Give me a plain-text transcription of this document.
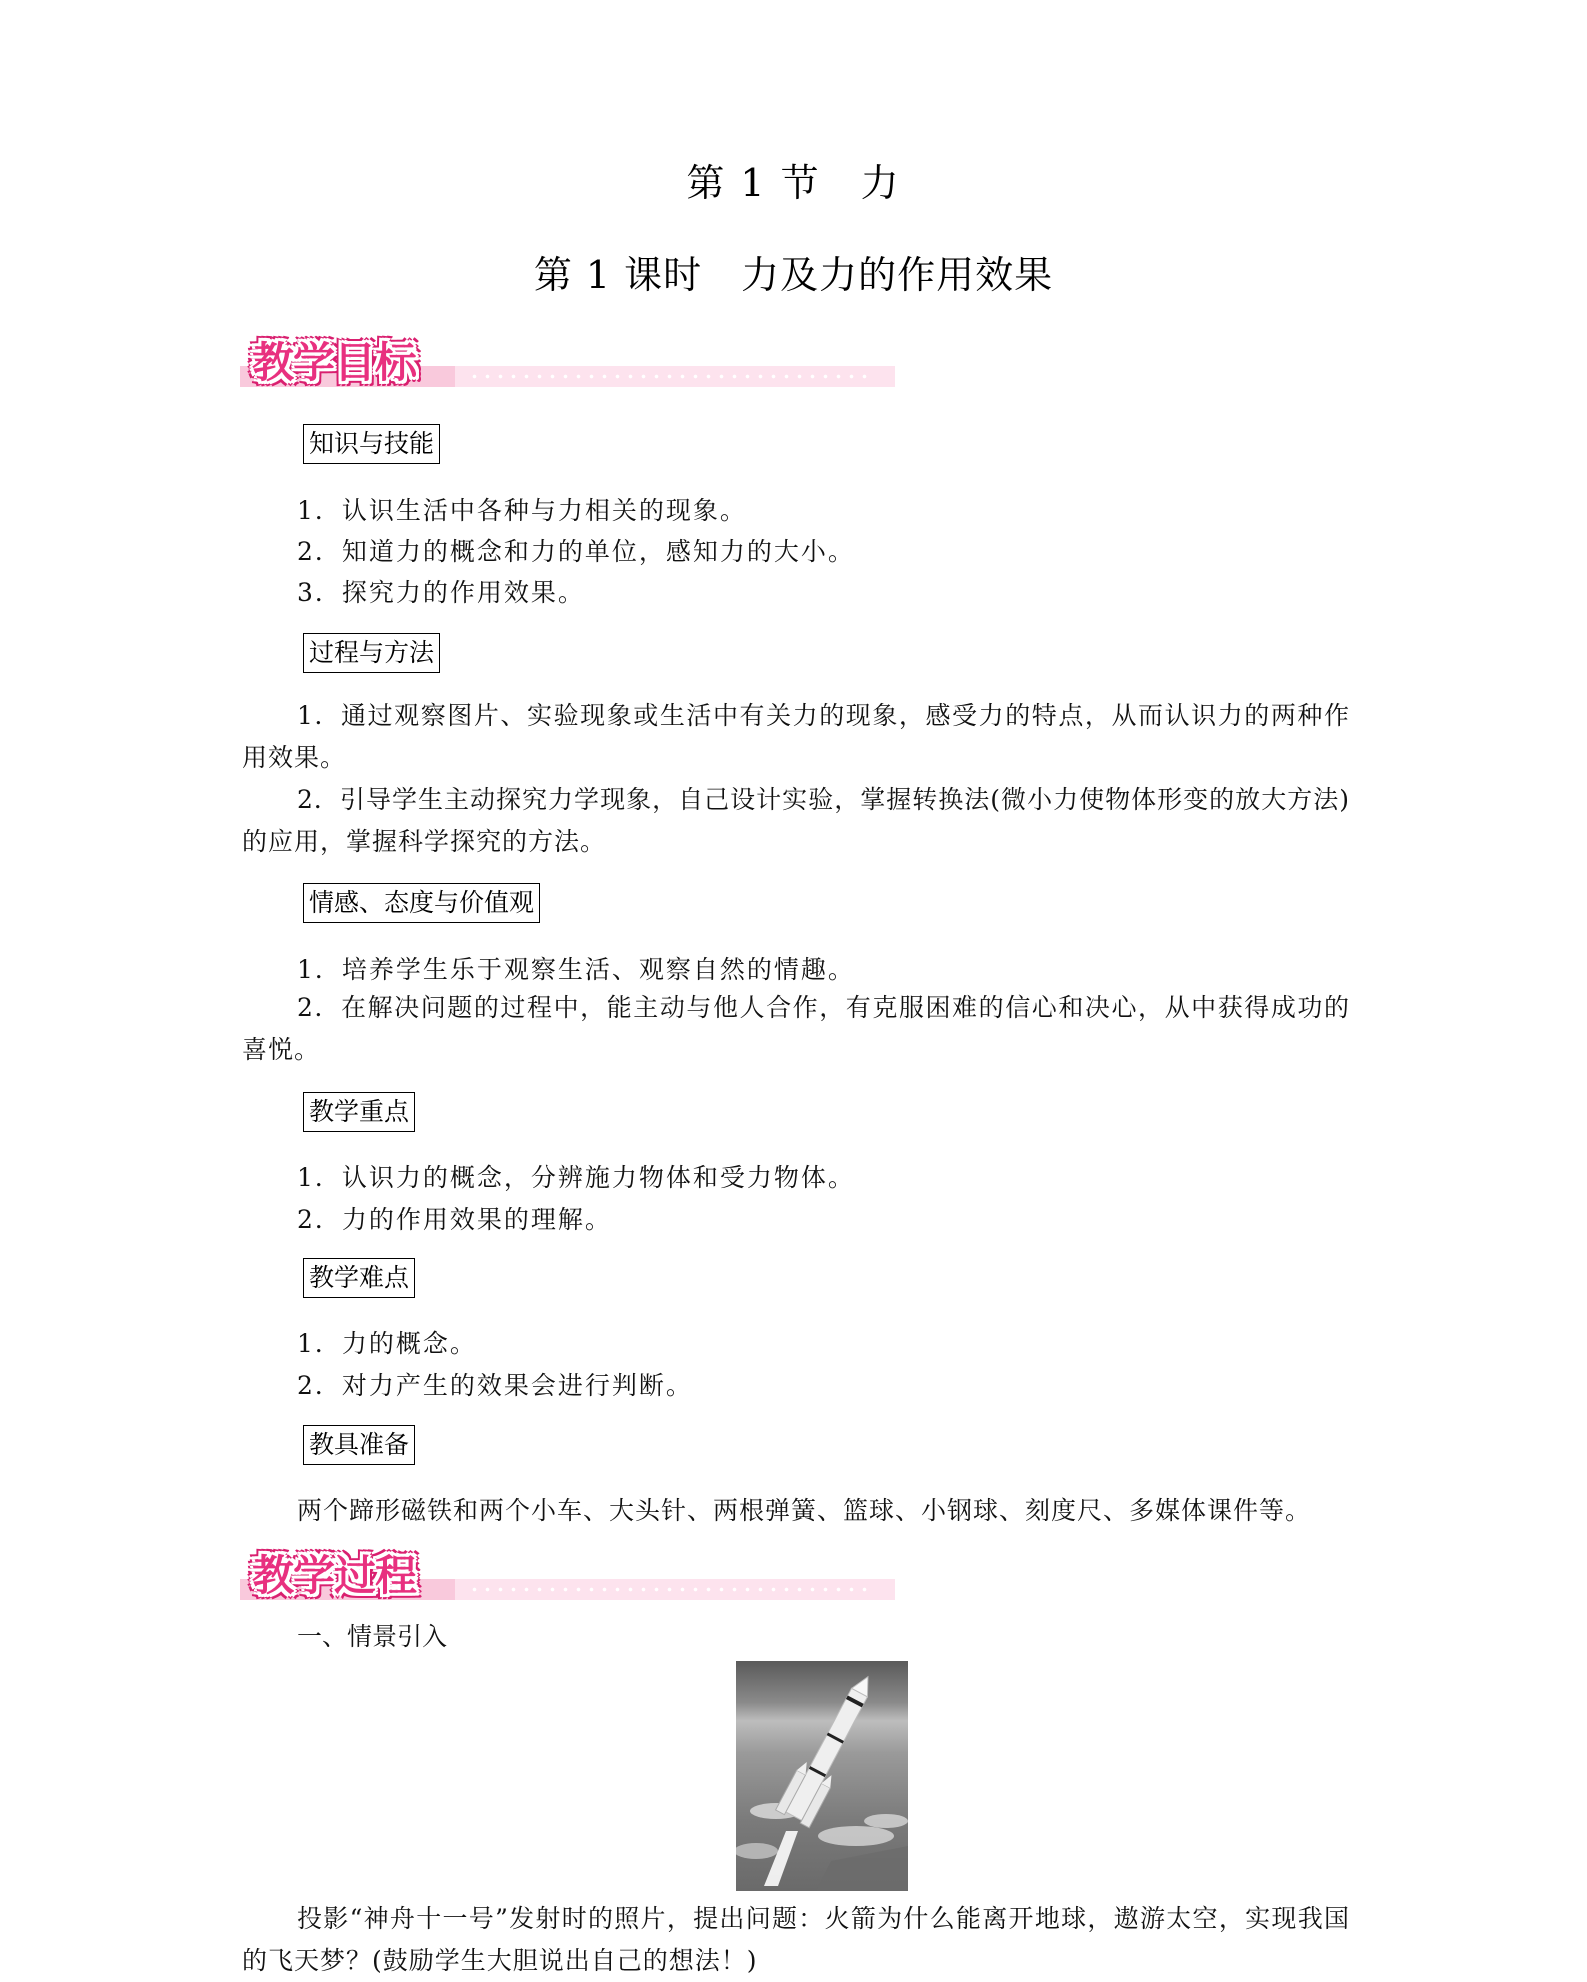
第 1 节　力
第 1 课时　力及力的作用效果
教学目标
知识与技能
1．认识生活中各种与力相关的现象。
2．知道力的概念和力的单位，感知力的大小。
3．探究力的作用效果。
过程与方法
1．通过观察图片、实验现象或生活中有关力的现象，感受力的特点，从而认识力的两种作用效果。
2．引导学生主动探究力学现象，自己设计实验，掌握转换法(微小力使物体形变的放大方法)的应用，掌握科学探究的方法。
情感、态度与价值观
1．培养学生乐于观察生活、观察自然的情趣。
2．在解决问题的过程中，能主动与他人合作，有克服困难的信心和决心，从中获得成功的喜悦。
教学重点
1．认识力的概念，分辨施力物体和受力物体。
2．力的作用效果的理解。
教学难点
1．力的概念。
2．对力产生的效果会进行判断。
教具准备
两个蹄形磁铁和两个小车、大头针、两根弹簧、篮球、小钢球、刻度尺、多媒体课件等。
教学过程
一、情景引入
投影“神舟十一号”发射时的照片，提出问题：火箭为什么能离开地球，遨游太空，实现我国的飞天梦？(鼓励学生大胆说出自己的想法！)
